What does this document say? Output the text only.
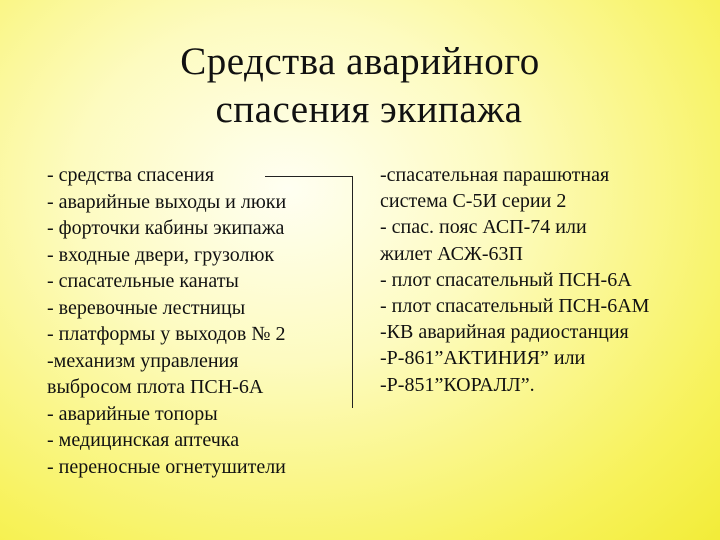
Средства аварийного
спасения экипажа
- средства спасения
- аварийные выходы и люки
- форточки кабины экипажа
- входные двери, грузолюк
- спасательные канаты
- веревочные лестницы
- платформы у выходов № 2
-механизм управления
выбросом плота ПСН-6А
- аварийные топоры
- медицинская аптечка
- переносные огнетушители
-спасательная парашютная
система С-5И серии 2
- спас. пояс АСП-74 или
жилет АСЖ-63П
- плот спасательный ПСН-6А
- плот спасательный ПСН-6АМ
-КВ аварийная радиостанция
-Р-861”АКТИНИЯ” или
-Р-851”КОРАЛЛ”.
